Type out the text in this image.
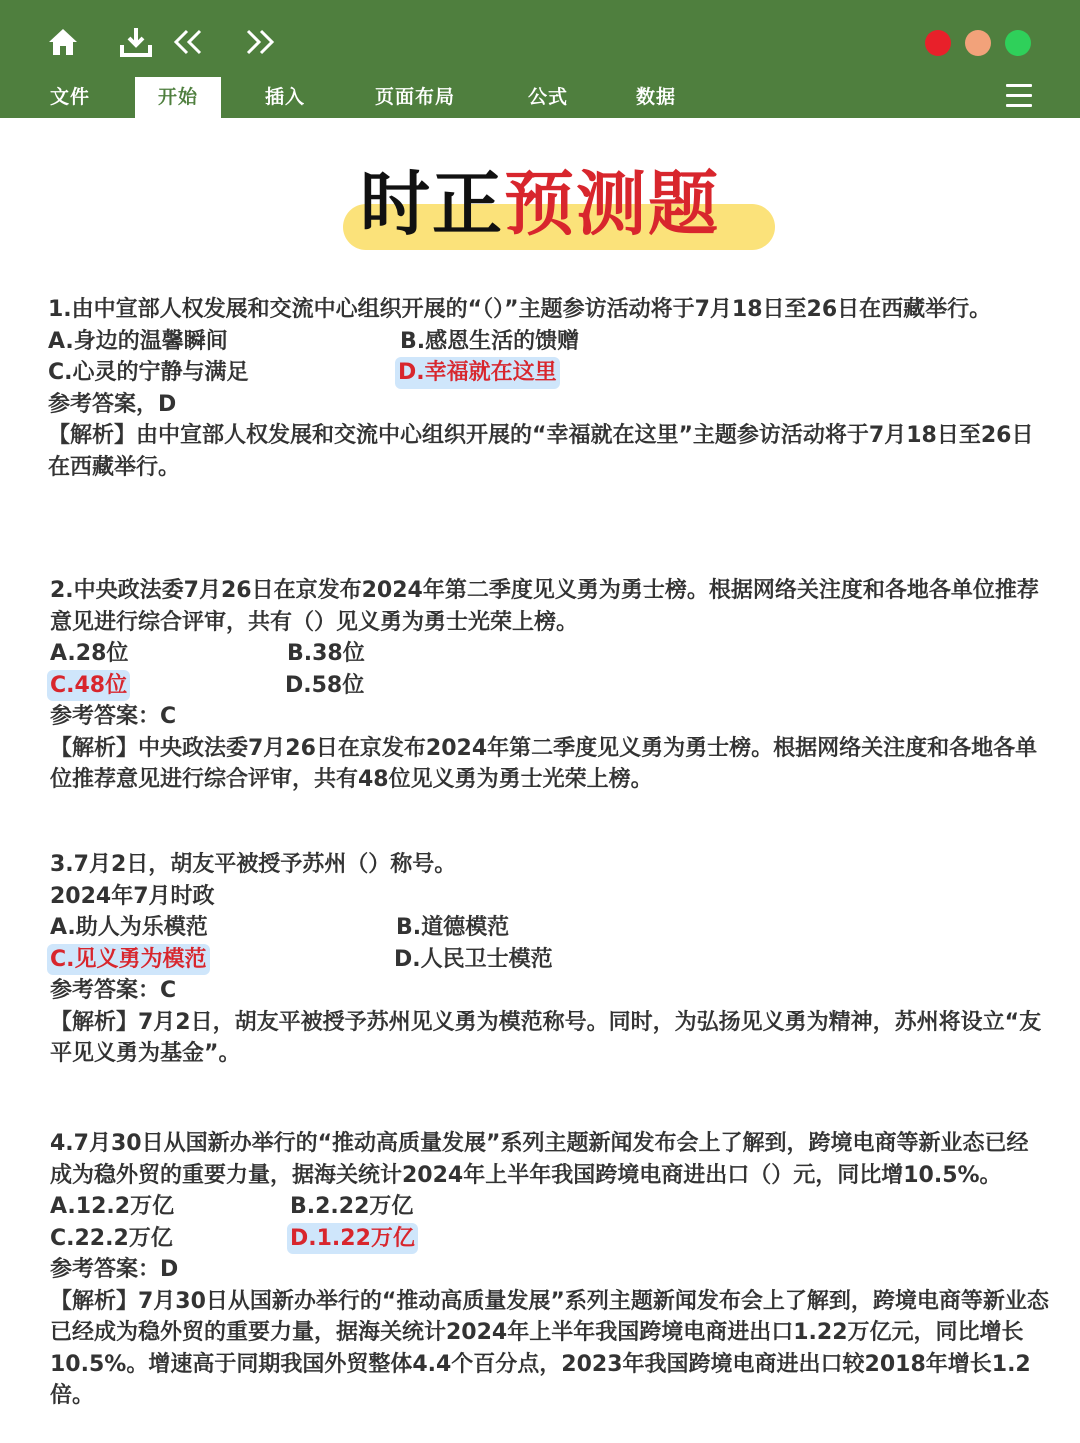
文件	开始	插入	页面布局	公式	数据
时正预测题

1.由中宣部人权发展和交流中心组织开展的“（）”主题参访活动将于7月18日至26日在西藏举行。

A.身边的温馨瞬间	B.感恩生活的馈赠
C.心灵的宁静与满足	D.幸福就在这里

参考答案，D

【解析】由中宣部人权发展和交流中心组织开展的“幸福就在这里”主题参访活动将于7月18日至26日在西藏举行。

2.中央政法委7月26日在京发布2024年第二季度见义勇为勇士榜。根据网络关注度和各地各单位推荐意见进行综合评审，共有（）见义勇为勇士光荣上榜。

A.28位	B.38位
C.48位	D.58位

参考答案：C

【解析】中央政法委7月26日在京发布2024年第二季度见义勇为勇士榜。根据网络关注度和各地各单位推荐意见进行综合评审，共有48位见义勇为勇士光荣上榜。

3.7月2日，胡友平被授予苏州（）称号。

2024年7月时政

A.助人为乐模范	B.道德模范
C.见义勇为模范	D.人民卫士模范

参考答案：C

【解析】7月2日，胡友平被授予苏州见义勇为模范称号。同时，为弘扬见义勇为精神，苏州将设立“友平见义勇为基金”。

4.7月30日从国新办举行的“推动高质量发展”系列主题新闻发布会上了解到，跨境电商等新业态已经成为稳外贸的重要力量，据海关统计2024年上半年我国跨境电商进出口（）元，同比增10.5%。

A.12.2万亿	B.2.22万亿
C.22.2万亿	D.1.22万亿

参考答案：D

【解析】7月30日从国新办举行的“推动高质量发展”系列主题新闻发布会上了解到，跨境电商等新业态已经成为稳外贸的重要力量，据海关统计2024年上半年我国跨境电商进出口1.22万亿元，同比增长10.5%。增速高于同期我国外贸整体4.4个百分点，2023年我国跨境电商进出口较2018年增长1.2倍。
